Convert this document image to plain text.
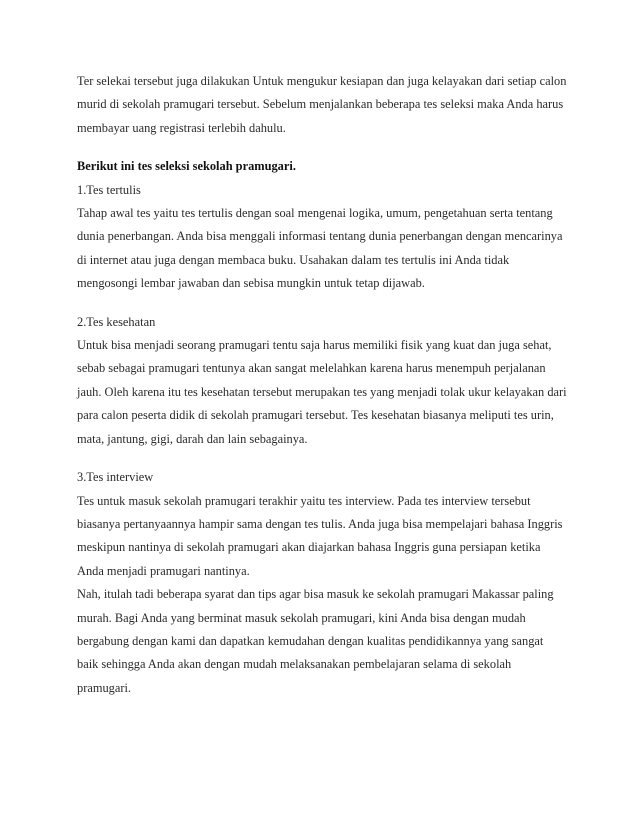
Ter selekai tersebut juga dilakukan Untuk mengukur kesiapan dan juga kelayakan dari setiap calon murid di sekolah pramugari tersebut. Sebelum menjalankan beberapa tes seleksi maka Anda harus membayar uang registrasi terlebih dahulu.

Berikut ini tes seleksi sekolah pramugari.

1.Tes tertulis

Tahap awal tes yaitu tes tertulis dengan soal mengenai logika, umum, pengetahuan serta tentang dunia penerbangan. Anda bisa menggali informasi tentang dunia penerbangan dengan mencarinya di internet atau juga dengan membaca buku. Usahakan dalam tes tertulis ini Anda tidak mengosongi lembar jawaban dan sebisa mungkin untuk tetap dijawab.

2.Tes kesehatan

Untuk bisa menjadi seorang pramugari tentu saja harus memiliki fisik yang kuat dan juga sehat, sebab sebagai pramugari tentunya akan sangat melelahkan karena harus menempuh perjalanan jauh. Oleh karena itu tes kesehatan tersebut merupakan tes yang menjadi tolak ukur kelayakan dari para calon peserta didik di sekolah pramugari tersebut. Tes kesehatan biasanya meliputi tes urin, mata, jantung, gigi, darah dan lain sebagainya.

3.Tes interview

Tes untuk masuk sekolah pramugari terakhir yaitu tes interview. Pada tes interview tersebut biasanya pertanyaannya hampir sama dengan tes tulis. Anda juga bisa mempelajari bahasa Inggris meskipun nantinya di sekolah pramugari akan diajarkan bahasa Inggris guna persiapan ketika Anda menjadi pramugari nantinya.

Nah, itulah tadi beberapa syarat dan tips agar bisa masuk ke sekolah pramugari Makassar paling murah. Bagi Anda yang berminat masuk sekolah pramugari, kini Anda bisa dengan mudah bergabung dengan kami dan dapatkan kemudahan dengan kualitas pendidikannya yang sangat baik sehingga Anda akan dengan mudah melaksanakan pembelajaran selama di sekolah pramugari.
